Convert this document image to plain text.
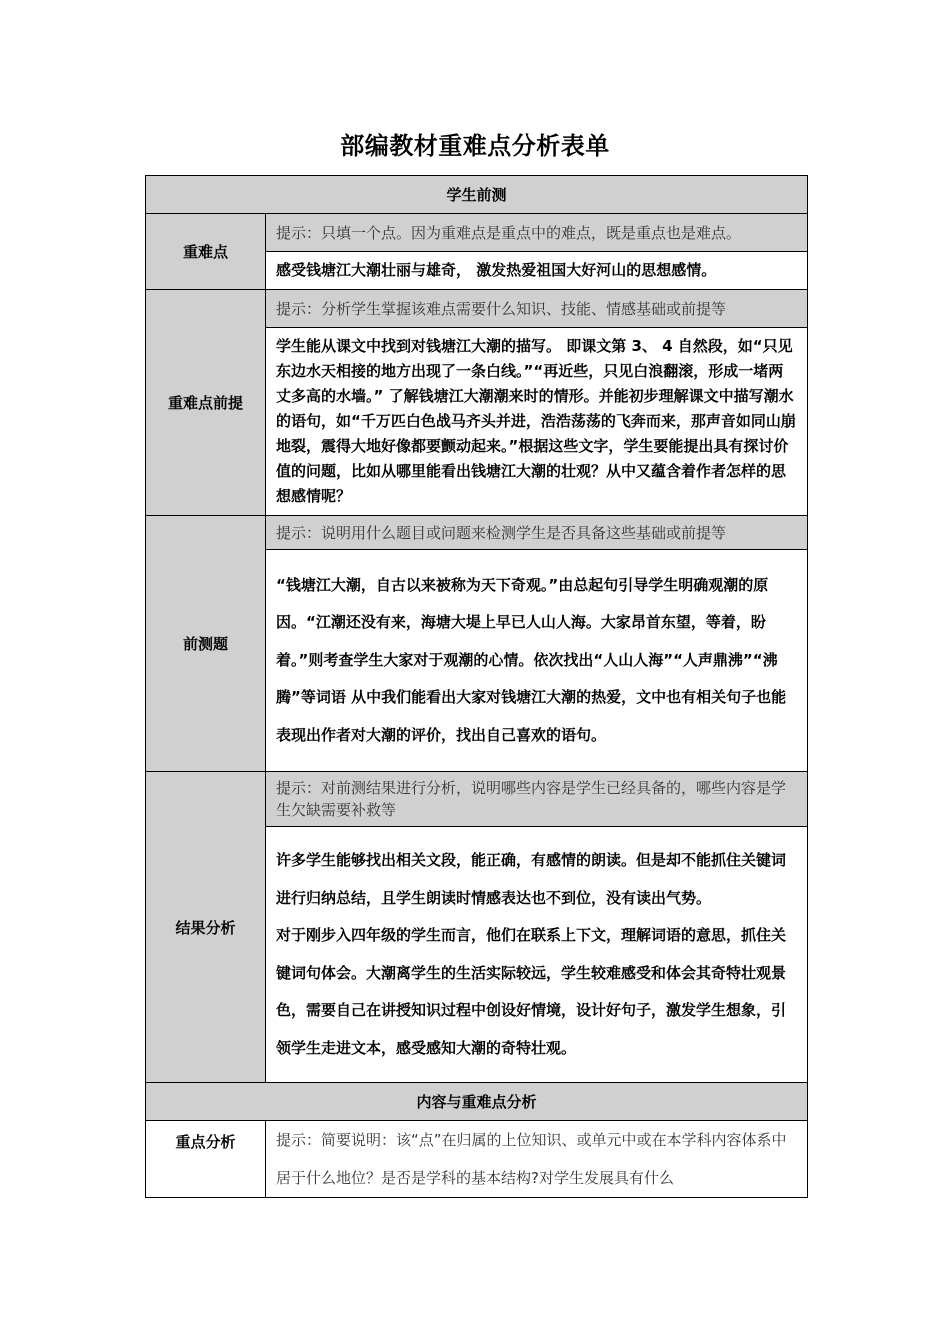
部编教材重难点分析表单
学生前测	
重难点	提示：只填一个点。因为重难点是重点中的难点，既是重点也是难点。
	感受钱塘江大潮壮丽与雄奇， 激发热爱祖国大好河山的思想感情。
重难点前提	提示：分析学生掌握该难点需要什么知识、技能、情感基础或前提等
	学生能从课文中找到对钱塘江大潮的描写。 即课文第 3、 4 自然段，如“只见东边水天相接的地方出现了一条白线。”“再近些，只见白浪翻滚，形成一堵两丈多高的水墙。” 了解钱塘江大潮潮来时的情形。并能初步理解课文中描写潮水的语句，如“千万匹白色战马齐头并进，浩浩荡荡的飞奔而来，那声音如同山崩地裂，震得大地好像都要颤动起来。”根据这些文字，学生要能提出具有探讨价值的问题，比如从哪里能看出钱塘江大潮的壮观？从中又蕴含着作者怎样的思想感情呢？
前测题	提示：说明用什么题目或问题来检测学生是否具备这些基础或前提等
	“钱塘江大潮，自古以来被称为天下奇观。”由总起句引导学生明确观潮的原因。“江潮还没有来，海塘大堤上早已人山人海。大家昂首东望，等着，盼着。”则考查学生大家对于观潮的心情。依次找出“人山人海”“人声鼎沸”“沸腾”等词语 从中我们能看出大家对钱塘江大潮的热爱，文中也有相关句子也能表现出作者对大潮的评价，找出自己喜欢的语句。
结果分析	提示：对前测结果进行分析，说明哪些内容是学生已经具备的，哪些内容是学生欠缺需要补救等

	许多学生能够找出相关文段，能正确，有感情的朗读。但是却不能抓住关键词进行归纳总结，且学生朗读时情感表达也不到位，没有读出气势。
对于刚步入四年级的学生而言，他们在联系上下文，理解词语的意思，抓住关键词句体会。大潮离学生的生活实际较远，学生较难感受和体会其奇特壮观景色，需要自己在讲授知识过程中创设好情境，设计好句子，激发学生想象，引领学生走进文本，感受感知大潮的奇特壮观。

内容与重难点分析	
重点分析	提示：简要说明：该“点”在归属的上位知识、或单元中或在本学科内容体系中居于什么地位？是否是学科的基本结构?对学生发展具有什么
